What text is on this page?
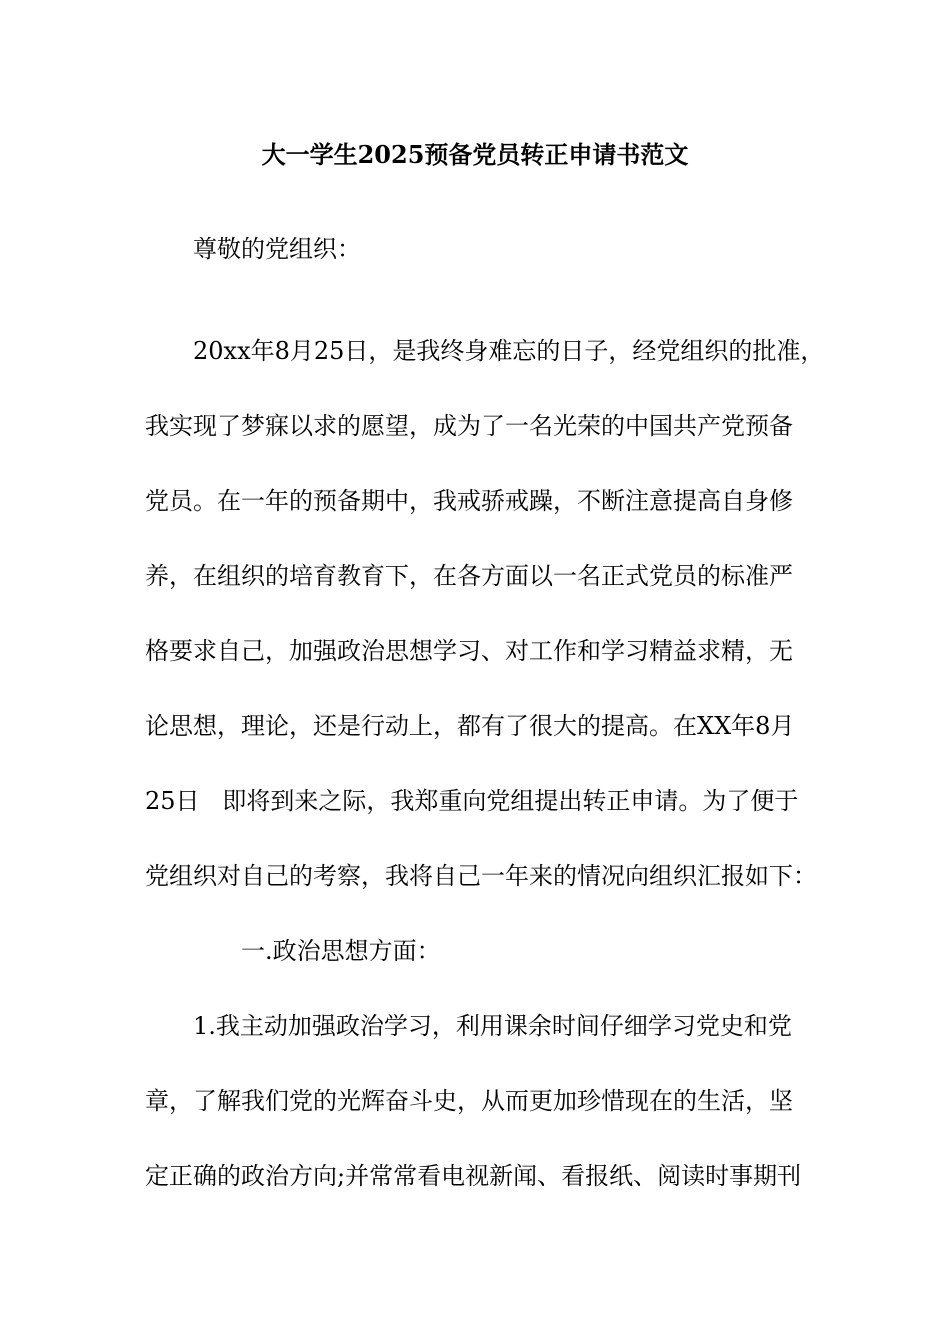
大一学生2025预备党员转正申请书范文
尊敬的党组织：
20xx年8月25日，是我终身难忘的日子，经党组织的批准，
我实现了梦寐以求的愿望，成为了一名光荣的中国共产党预备
党员。在一年的预备期中，我戒骄戒躁，不断注意提高自身修
养，在组织的培育教育下，在各方面以一名正式党员的标准严
格要求自己，加强政治思想学习、对工作和学习精益求精，无
论思想，理论，还是行动上，都有了很大的提高。在XX年8月
25日   即将到来之际，我郑重向党组提出转正申请。为了便于
党组织对自己的考察，我将自己一年来的情况向组织汇报如下：
一.政治思想方面：
1.我主动加强政治学习，利用课余时间仔细学习党史和党
章，了解我们党的光辉奋斗史，从而更加珍惜现在的生活，坚
定正确的政治方向;并常常看电视新闻、看报纸、阅读时事期刊
